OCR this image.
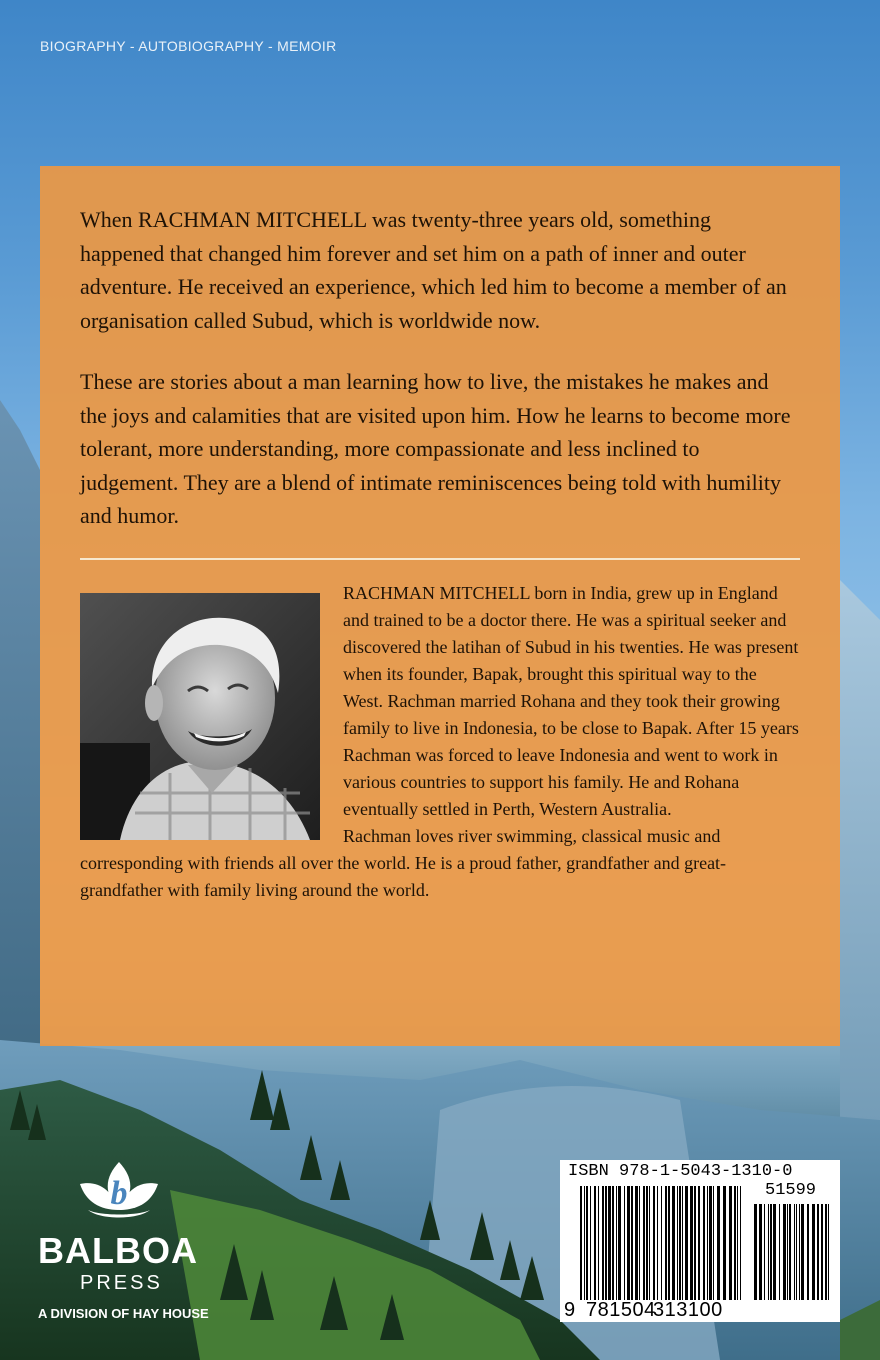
BIOGRAPHY - AUTOBIOGRAPHY - MEMOIR

When RACHMAN MITCHELL was twenty-three years old, something happened that changed him forever and set him on a path of inner and outer adventure. He received an experience, which led him to become a member of an organisation called Subud, which is worldwide now.

These are stories about a man learning how to live, the mistakes he makes and the joys and calamities that are visited upon him. How he learns to become more tolerant, more understanding, more compassionate and less inclined to judgement. They are a blend of intimate reminiscences being told with humility and humor.

RACHMAN MITCHELL born in India, grew up in England and trained to be a doctor there. He was a spiritual seeker and discovered the latihan of Subud in his twenties. He was present when its founder, Bapak, brought this spiritual way to the West. Rachman married Rohana and they took their growing family to live in Indonesia, to be close to Bapak. After 15 years Rachman was forced to leave Indonesia and went to work in various countries to support his family. He and Rohana eventually settled in Perth, Western Australia.
Rachman loves river swimming, classical music and corresponding with friends all over the world. He is a proud father, grandfather and great-grandfather with family living around the world.
b
BALBOA
PRESS
A DIVISION OF HAY HOUSE
ISBN 978-1-5043-1310-0
51599
9 781504
313100
